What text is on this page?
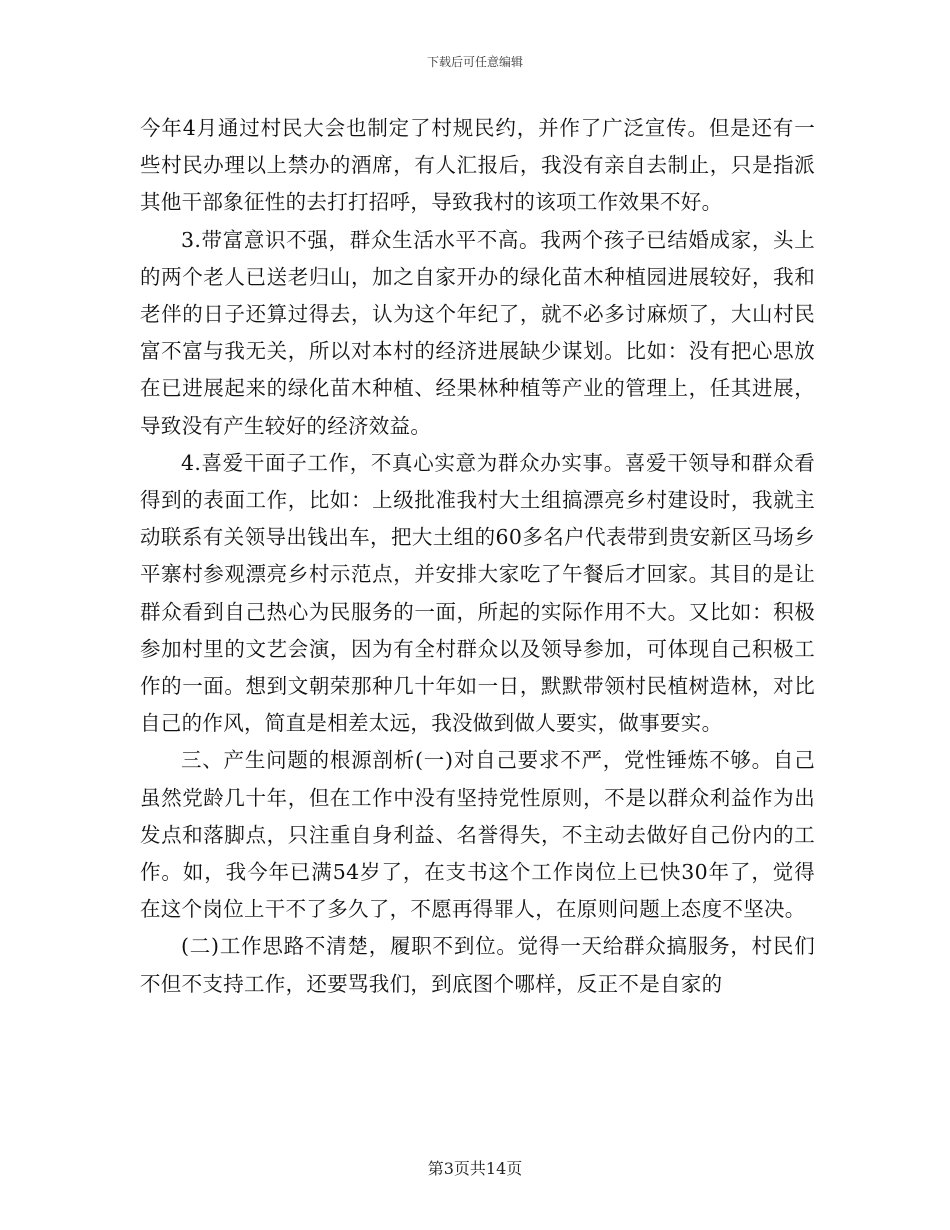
下载后可任意编辑

今年4月通过村民大会也制定了村规民约，并作了广泛宣传。但是还有一些村民办理以上禁办的酒席，有人汇报后，我没有亲自去制止，只是指派其他干部象征性的去打打招呼，导致我村的该项工作效果不好。

3.带富意识不强，群众生活水平不高。我两个孩子已结婚成家，头上的两个老人已送老归山，加之自家开办的绿化苗木种植园进展较好，我和老伴的日子还算过得去，认为这个年纪了，就不必多讨麻烦了，大山村民富不富与我无关，所以对本村的经济进展缺少谋划。比如：没有把心思放在已进展起来的绿化苗木种植、经果林种植等产业的管理上，任其进展，导致没有产生较好的经济效益。

4.喜爱干面子工作，不真心实意为群众办实事。喜爱干领导和群众看得到的表面工作，比如：上级批准我村大土组搞漂亮乡村建设时，我就主动联系有关领导出钱出车，把大土组的60多名户代表带到贵安新区马场乡平寨村参观漂亮乡村示范点，并安排大家吃了午餐后才回家。其目的是让群众看到自己热心为民服务的一面，所起的实际作用不大。又比如：积极参加村里的文艺会演，因为有全村群众以及领导参加，可体现自己积极工作的一面。想到文朝荣那种几十年如一日，默默带领村民植树造林，对比自己的作风，简直是相差太远，我没做到做人要实，做事要实。

三、产生问题的根源剖析(一)对自己要求不严，党性锤炼不够。自己虽然党龄几十年，但在工作中没有坚持党性原则，不是以群众利益作为出发点和落脚点，只注重自身利益、名誉得失，不主动去做好自己份内的工作。如，我今年已满54岁了，在支书这个工作岗位上已快30年了，觉得在这个岗位上干不了多久了，不愿再得罪人，在原则问题上态度不坚决。

(二)工作思路不清楚，履职不到位。觉得一天给群众搞服务，村民们不但不支持工作，还要骂我们，到底图个哪样，反正不是自家的

第3页共14页
